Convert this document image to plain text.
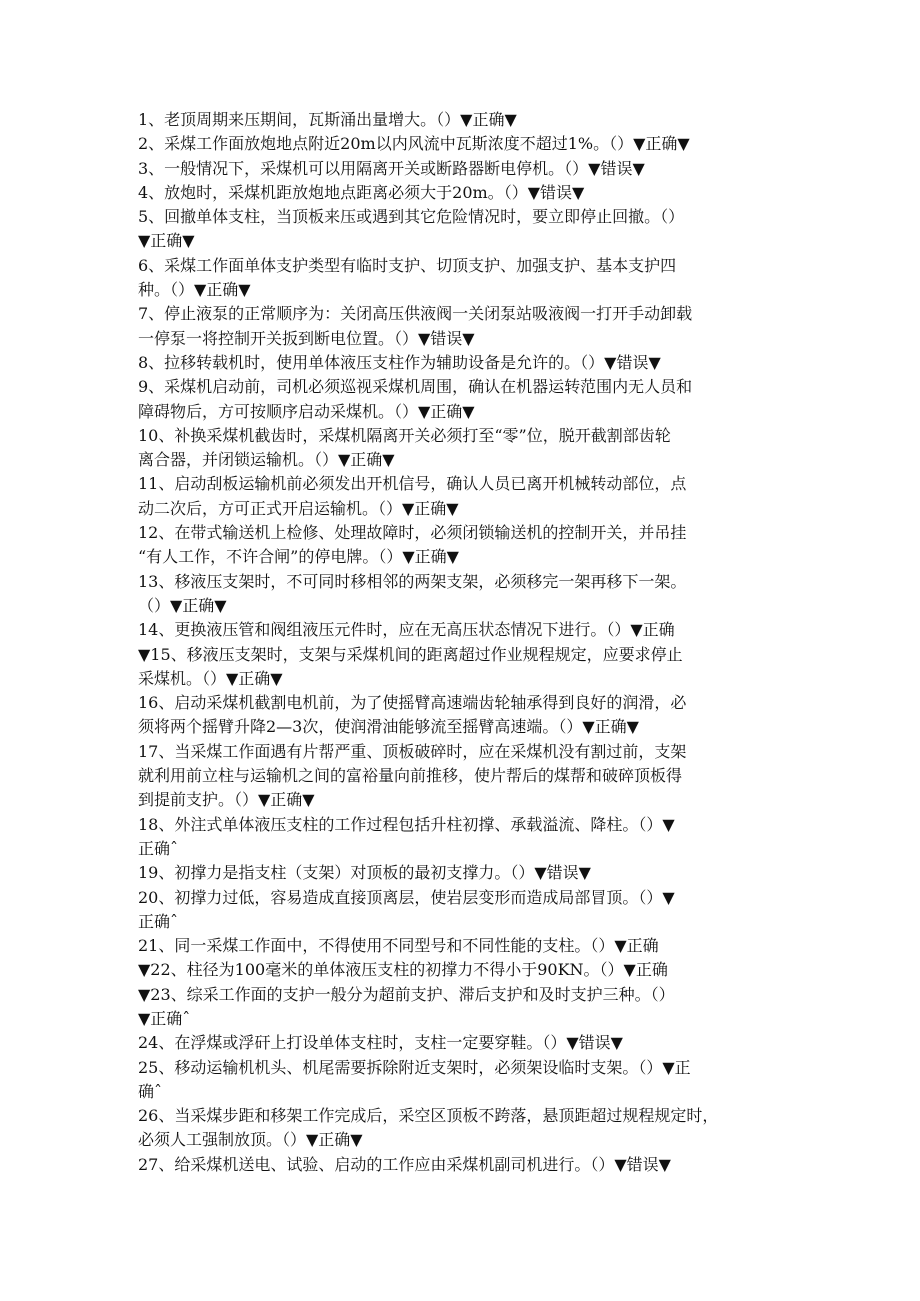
1、老顶周期来压期间，瓦斯涌出量增大。（）▼正确▼
2、采煤工作面放炮地点附近20m以内风流中瓦斯浓度不超过1%。（）▼正确▼
3、一般情况下，采煤机可以用隔离开关或断路器断电停机。（）▼错误▼
4、放炮时，采煤机距放炮地点距离必须大于20m。（）▼错误▼
5、回撤单体支柱，当顶板来压或遇到其它危险情况时，要立即停止回撤。（）
▼正确▼
6、采煤工作面单体支护类型有临时支护、切顶支护、加强支护、基本支护四
种。（）▼正确▼
7、停止液泵的正常顺序为：关闭高压供液阀一关闭泵站吸液阀一打开手动卸载
一停泵一将控制开关扳到断电位置。（）▼错误▼
8、拉移转载机时，使用单体液压支柱作为辅助设备是允许的。（）▼错误▼
9、采煤机启动前，司机必须巡视采煤机周围，确认在机器运转范围内无人员和
障碍物后，方可按顺序启动采煤机。（）▼正确▼
10、补换采煤机截齿时，采煤机隔离开关必须打至“零”位，脱开截割部齿轮
离合器，并闭锁运输机。（）▼正确▼
11、启动刮板运输机前必须发出开机信号，确认人员已离开机械转动部位，点
动二次后，方可正式开启运输机。（）▼正确▼
12、在带式输送机上检修、处理故障时，必须闭锁输送机的控制开关，并吊挂
“有人工作，不许合闸”的停电牌。（）▼正确▼
13、移液压支架时，不可同时移相邻的两架支架，必须移完一架再移下一架。
（）▼正确▼
14、更换液压管和阀组液压元件时，应在无高压状态情况下进行。（）▼正确
▼15、移液压支架时，支架与采煤机间的距离超过作业规程规定，应要求停止
采煤机。（）▼正确▼
16、启动采煤机截割电机前，为了使摇臂高速端齿轮轴承得到良好的润滑，必
须将两个摇臂升降2—3次，使润滑油能够流至摇臂高速端。（）▼正确▼
17、当采煤工作面遇有片帮严重、顶板破碎时，应在采煤机没有割过前，支架
就利用前立柱与运输机之间的富裕量向前推移，使片帮后的煤帮和破碎顶板得
到提前支护。（）▼正确▼
18、外注式单体液压支柱的工作过程包括升柱初撑、承载溢流、降柱。（）▼
正确ˆ
19、初撑力是指支柱（支架）对顶板的最初支撑力。（）▼错误▼
20、初撑力过低，容易造成直接顶离层，使岩层变形而造成局部冒顶。（）▼
正确ˆ
21、同一采煤工作面中，不得使用不同型号和不同性能的支柱。（）▼正确
▼22、柱径为100毫米的单体液压支柱的初撑力不得小于90KN。（）▼正确
▼23、综采工作面的支护一般分为超前支护、滞后支护和及时支护三种。（）
▼正确ˆ
24、在浮煤或浮矸上打设单体支柱时，支柱一定要穿鞋。（）▼错误▼
25、移动运输机机头、机尾需要拆除附近支架时，必须架设临时支架。（）▼正
确ˆ
26、当采煤步距和移架工作完成后，采空区顶板不跨落，悬顶距超过规程规定时，
必须人工强制放顶。（）▼正确▼
27、给采煤机送电、试验、启动的工作应由采煤机副司机进行。（）▼错误▼
